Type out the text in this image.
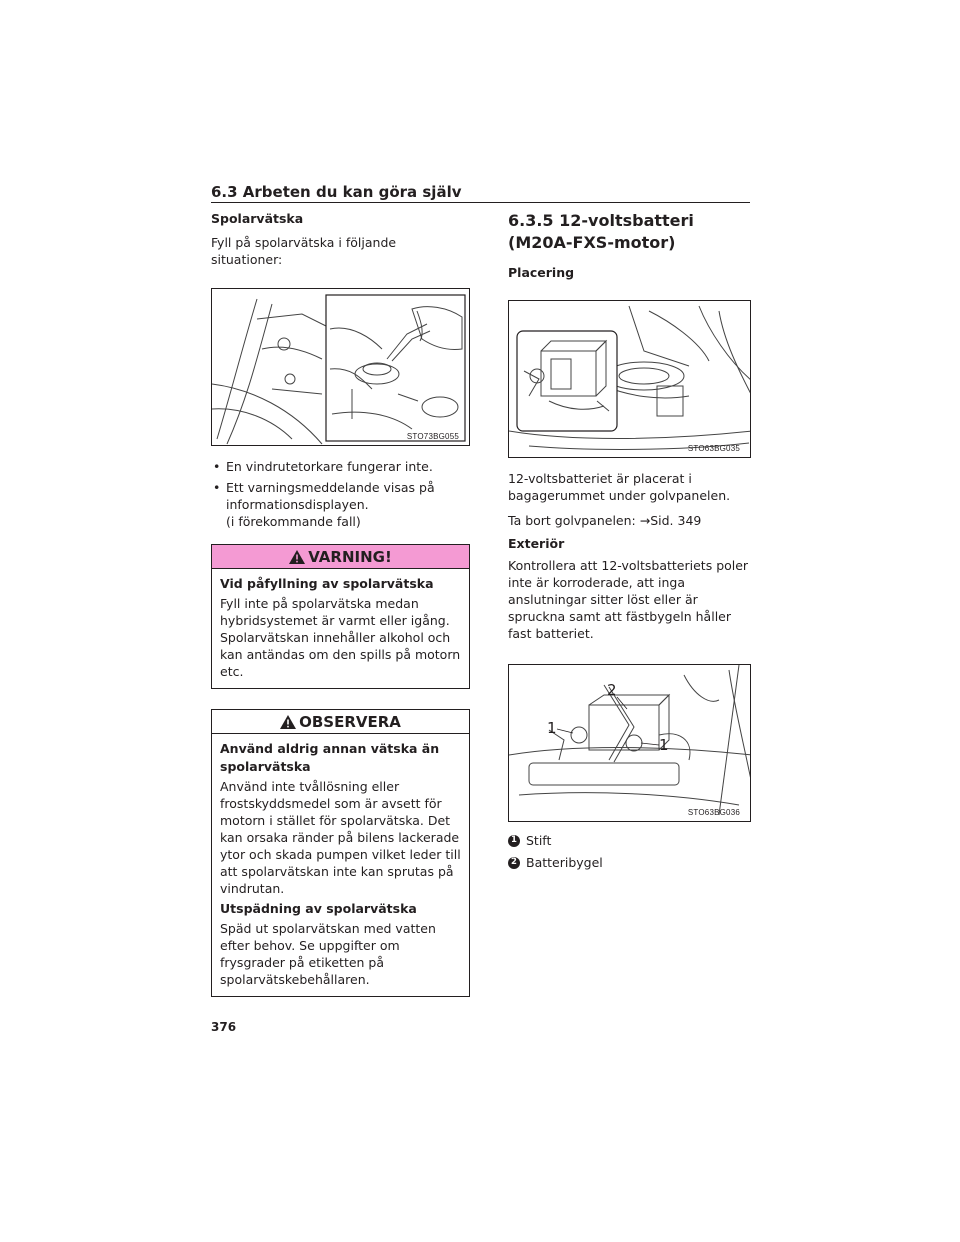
6.3 Arbeten du kan göra själv
Spolarvätska
Fyll på spolarvätska i följande situationer:
STO73BG055
• En vindrutetorkare fungerar inte.
• Ett varningsmeddelande visas på informationsdisplayen.
(i förekommande fall)
VARNING!
Vid påfyllning av spolarvätska
Fyll inte på spolarvätska medan hybridsystemet är varmt eller igång. Spolarvätskan innehåller alkohol och kan antändas om den spills på motorn etc.
OBSERVERA
Använd aldrig annan vätska än spolarvätska
Använd inte tvållösning eller frostskyddsmedel som är avsett för motorn i stället för spolarvätska. Det kan orsaka ränder på bilens lackerade ytor och skada pumpen vilket leder till att spolarvätskan inte kan sprutas på vindrutan.
Utspädning av spolarvätska
Späd ut spolarvätskan med vatten efter behov. Se uppgifter om frysgrader på etiketten på spolarvätskebehållaren.
6.3.5 12-voltsbatteri
(M20A-FXS-motor)
Placering
STO63BG035
12-voltsbatteriet är placerat i bagagerummet under golvpanelen.
Ta bort golvpanelen: →Sid. 349
Exteriör
Kontrollera att 12-voltsbatteriets poler inte är korroderade, att inga anslutningar sitter löst eller är spruckna samt att fästbygeln håller fast batteriet.
2
1
1
STO63BG036
1 Stift
2 Batteribygel
376
